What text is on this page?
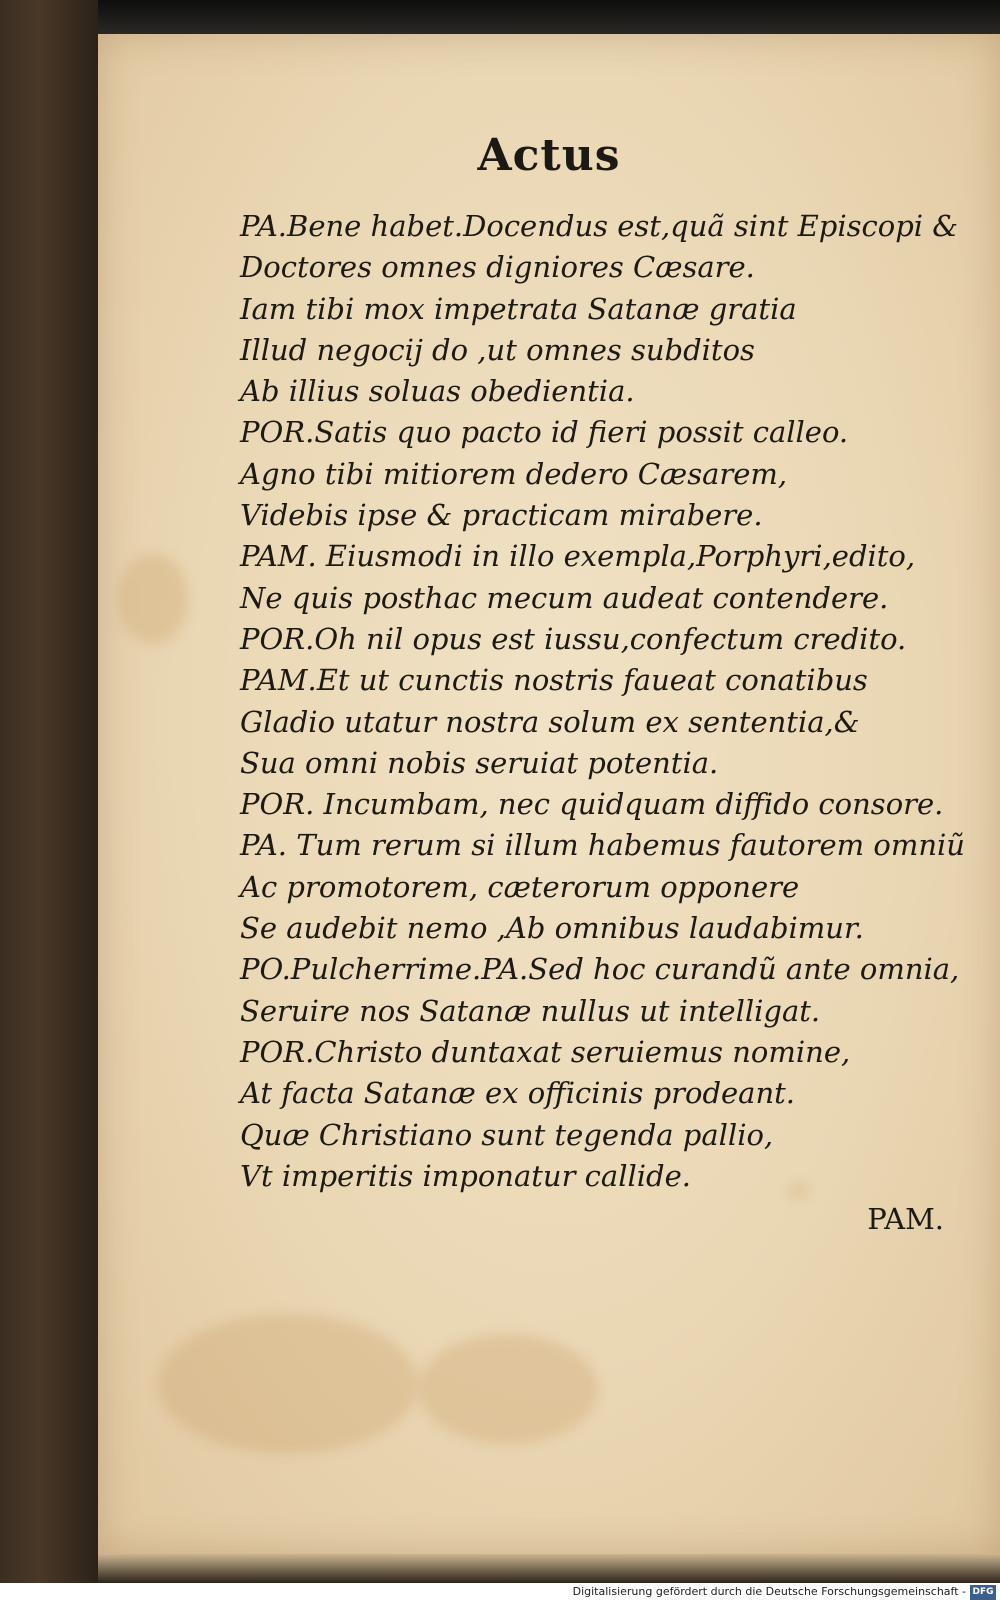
Actus
PA.Bene habet.Docendus est,quã sint Episcopi &
Doctores omnes digniores Cæsare.
Iam tibi mox impetrata Satanæ gratia
Illud negocij do ,ut omnes subditos
Ab illius soluas obedientia.
POR.Satis quo pacto id fieri possit calleo.
Agno tibi mitiorem dedero Cæsarem,
Videbis ipse & practicam mirabere.
PAM. Eiusmodi in illo exempla,Porphyri,edito,
Ne quis posthac mecum audeat contendere.
POR.Oh nil opus est iussu,confectum credito.
PAM.Et ut cunctis nostris faueat conatibus
Gladio utatur nostra solum ex sententia,&
Sua omni nobis seruiat potentia.
POR. Incumbam, nec quidquam diffido consore.
PA. Tum rerum si illum habemus fautorem omniũ
Ac promotorem, cæterorum opponere
Se audebit nemo ,Ab omnibus laudabimur.
PO.Pulcherrime.PA.Sed hoc curandũ ante omnia,
Seruire nos Satanæ nullus ut intelligat.
POR.Christo duntaxat seruiemus nomine,
At facta Satanæ ex officinis prodeant.
Quæ Christiano sunt tegenda pallio,
Vt imperitis imponatur callide.
PAM.
Digitalisierung gefördert durch die Deutsche Forschungsgemeinschaft - DFG
